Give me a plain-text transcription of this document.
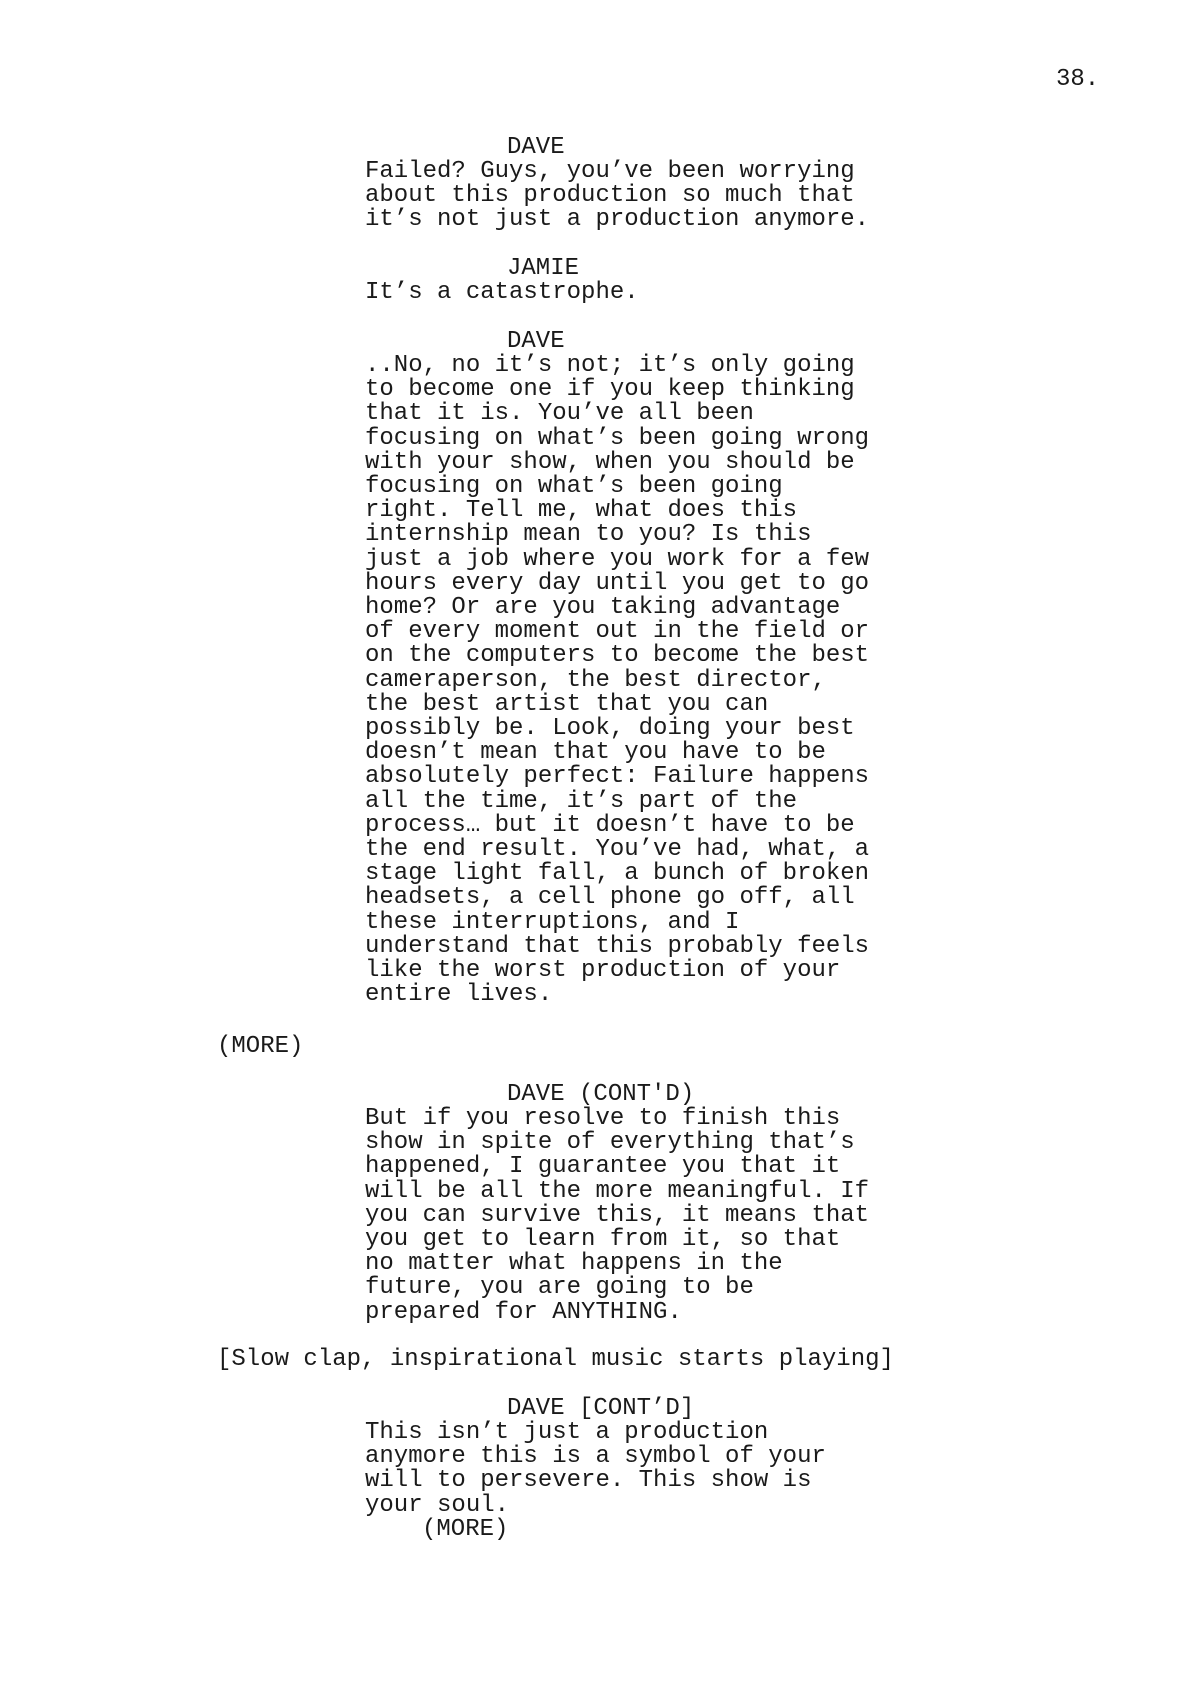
38.
DAVE
Failed? Guys, you’ve been worrying
about this production so much that
it’s not just a production anymore.
JAMIE
It’s a catastrophe.
DAVE
..No, no it’s not; it’s only going
to become one if you keep thinking
that it is. You’ve all been
focusing on what’s been going wrong
with your show, when you should be
focusing on what’s been going
right. Tell me, what does this
internship mean to you? Is this
just a job where you work for a few
hours every day until you get to go
home? Or are you taking advantage
of every moment out in the field or
on the computers to become the best
cameraperson, the best director,
the best artist that you can
possibly be. Look, doing your best
doesn’t mean that you have to be
absolutely perfect: Failure happens
all the time, it’s part of the
process… but it doesn’t have to be
the end result. You’ve had, what, a
stage light fall, a bunch of broken
headsets, a cell phone go off, all
these interruptions, and I
understand that this probably feels
like the worst production of your
entire lives.
(MORE)
DAVE (CONT'D)
But if you resolve to finish this
show in spite of everything that’s
happened, I guarantee you that it
will be all the more meaningful. If
you can survive this, it means that
you get to learn from it, so that
no matter what happens in the
future, you are going to be
prepared for ANYTHING.
[Slow clap, inspirational music starts playing]
DAVE [CONT’D]
This isn’t just a production
anymore this is a symbol of your
will to persevere. This show is
your soul.
(MORE)
